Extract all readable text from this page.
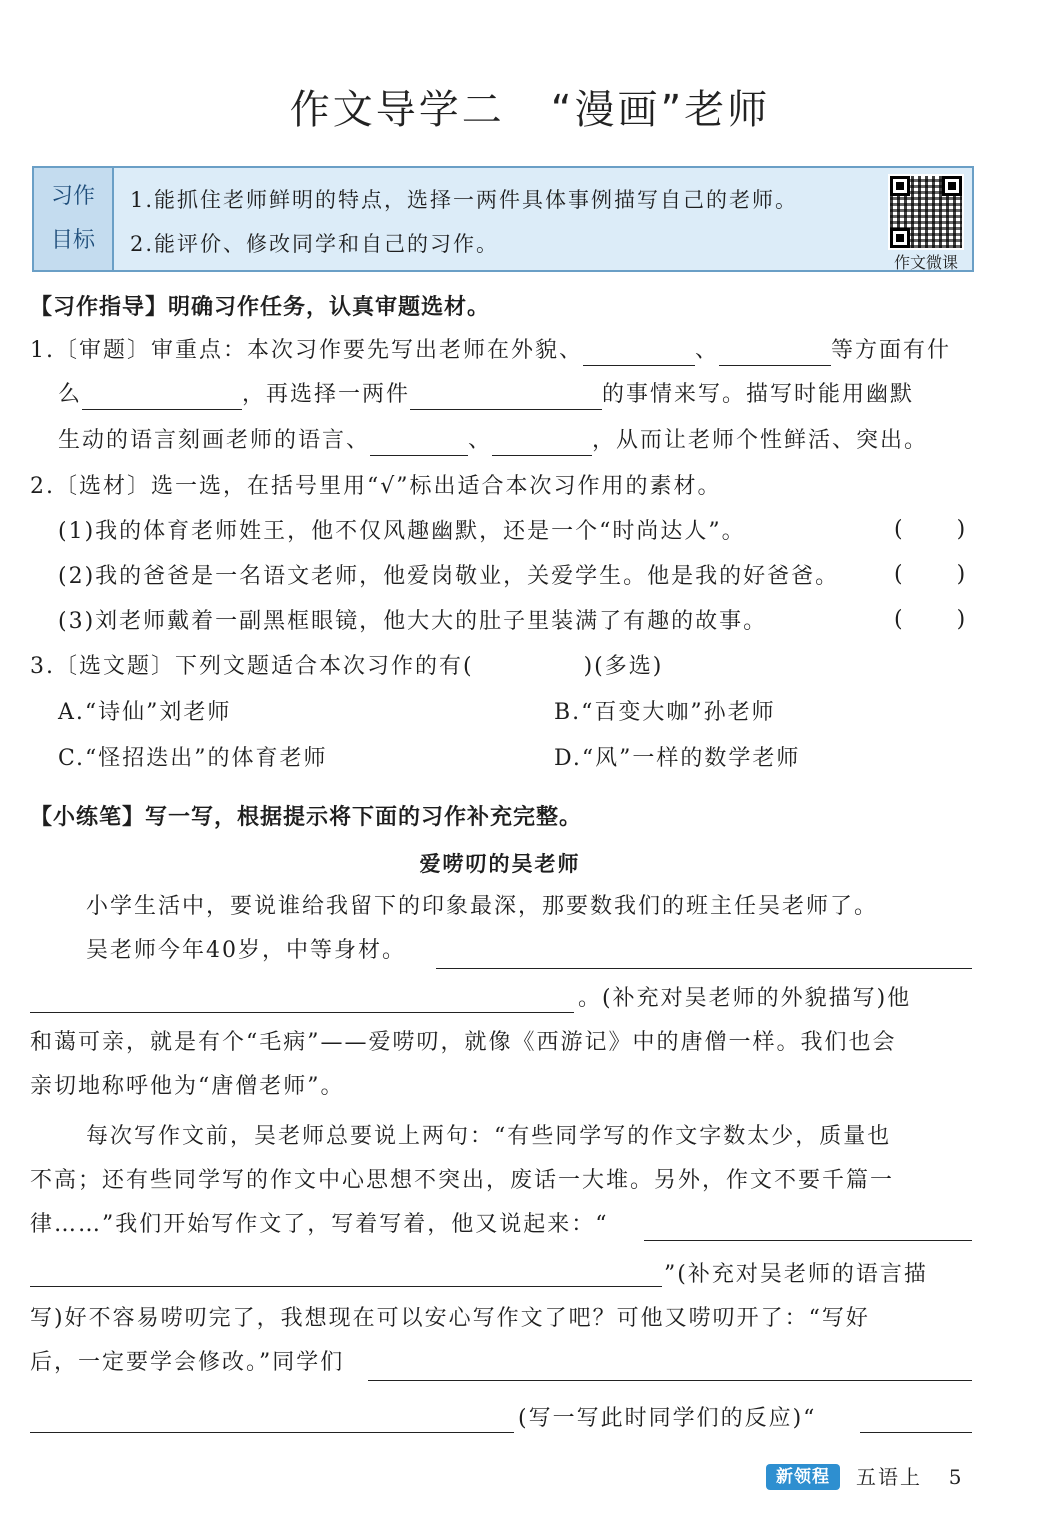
作文导学二 “漫画”老师
习作
目标
1.能抓住老师鲜明的特点，选择一两件具体事例描写自己的老师。
2.能评价、修改同学和自己的习作。
作文微课
【习作指导】明确习作任务，认真审题选材。
1.〔审题〕审重点：本次习作要先写出老师在外貌、	、	等方面有什
么	，再选择一两件	的事情来写。描写时能用幽默
生动的语言刻画老师的语言、	、	，从而让老师个性鲜活、突出。
2.〔选材〕选一选，在括号里用“√”标出适合本次习作用的素材。
(1)我的体育老师姓王，他不仅风趣幽默，还是一个“时尚达人”。
(2)我的爸爸是一名语文老师，他爱岗敬业，关爱学生。他是我的好爸爸。
(3)刘老师戴着一副黑框眼镜，他大大的肚子里装满了有趣的故事。
( )
( )
( )
3.〔选文题〕下列文题适合本次习作的有(	)(多选)
A.“诗仙”刘老师	B.“百变大咖”孙老师
C.“怪招迭出”的体育老师	D.“风”一样的数学老师
【小练笔】写一写，根据提示将下面的习作补充完整。
爱唠叨的吴老师
小学生活中，要说谁给我留下的印象最深，那要数我们的班主任吴老师了。
吴老师今年40岁，中等身材。
。(补充对吴老师的外貌描写)他
和蔼可亲，就是有个“毛病”——爱唠叨，就像《西游记》中的唐僧一样。我们也会
亲切地称呼他为“唐僧老师”。
每次写作文前，吴老师总要说上两句：“有些同学写的作文字数太少，质量也
不高；还有些同学写的作文中心思想不突出，废话一大堆。另外，作文不要千篇一
律……”我们开始写作文了，写着写着，他又说起来：“
”(补充对吴老师的语言描
写)好不容易唠叨完了，我想现在可以安心写作文了吧？可他又唠叨开了：“写好
后，一定要学会修改。”同学们
(写一写此时同学们的反应)“
新领程	五语上 5
